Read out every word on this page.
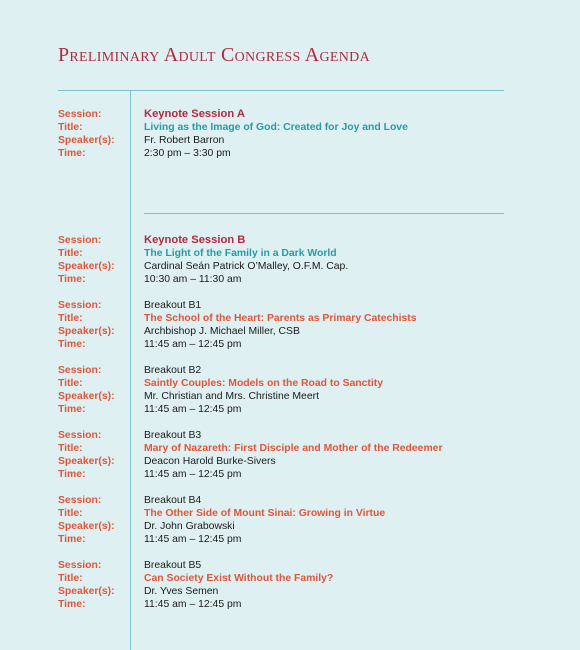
Preliminary Adult Congress Agenda
Session:	Keynote Session A
Title:	Living as the Image of God: Created for Joy and Love
Speaker(s):	Fr. Robert Barron
Time:	2:30 pm – 3:30 pm
Session:	Keynote Session B
Title:	The Light of the Family in a Dark World
Speaker(s):	Cardinal Seán Patrick O’Malley, O.F.M. Cap.
Time:	10:30 am – 11:30 am
Session:	Breakout B1
Title:	The School of the Heart: Parents as Primary Catechists
Speaker(s):	Archbishop J. Michael Miller, CSB
Time:	11:45 am – 12:45 pm
Session:	Breakout B2
Title:	Saintly Couples: Models on the Road to Sanctity
Speaker(s):	Mr. Christian and Mrs. Christine Meert
Time:	11:45 am – 12:45 pm
Session:	Breakout B3
Title:	Mary of Nazareth: First Disciple and Mother of the Redeemer
Speaker(s):	Deacon Harold Burke-Sivers
Time:	11:45 am – 12:45 pm
Session:	Breakout B4
Title:	The Other Side of Mount Sinai: Growing in Virtue
Speaker(s):	Dr. John Grabowski
Time:	11:45 am – 12:45 pm
Session:	Breakout B5
Title:	Can Society Exist Without the Family?
Speaker(s):	Dr. Yves Semen
Time:	11:45 am – 12:45 pm
